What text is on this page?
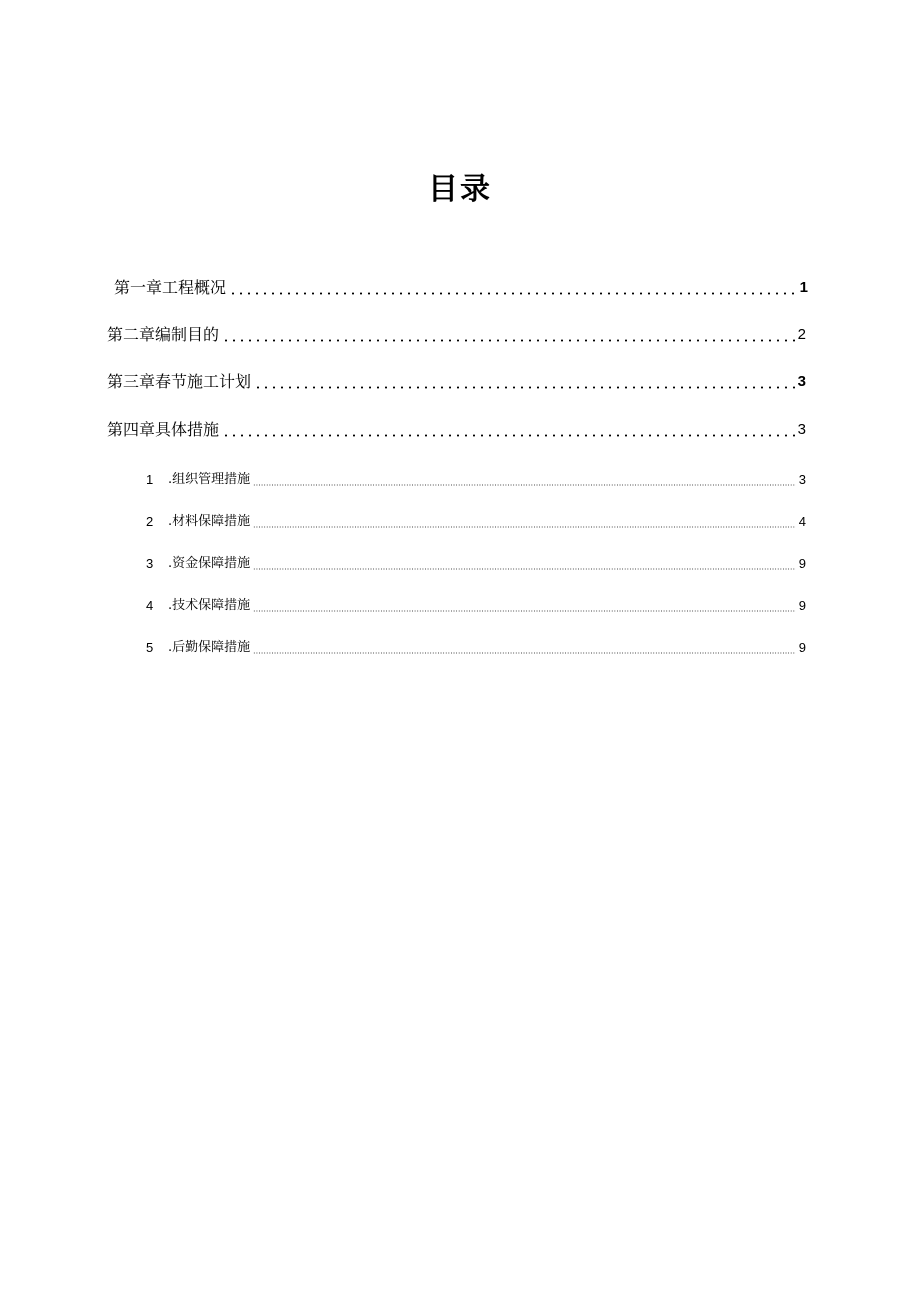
目录
第一章工程概况	1
第二章编制目的	2
第三章春节施工计划	3
第四章具体措施	3
1	.组织管理措施	3
2	.材料保障措施	4
3	.资金保障措施	9
4	.技术保障措施	9
5	.后勤保障措施	9
